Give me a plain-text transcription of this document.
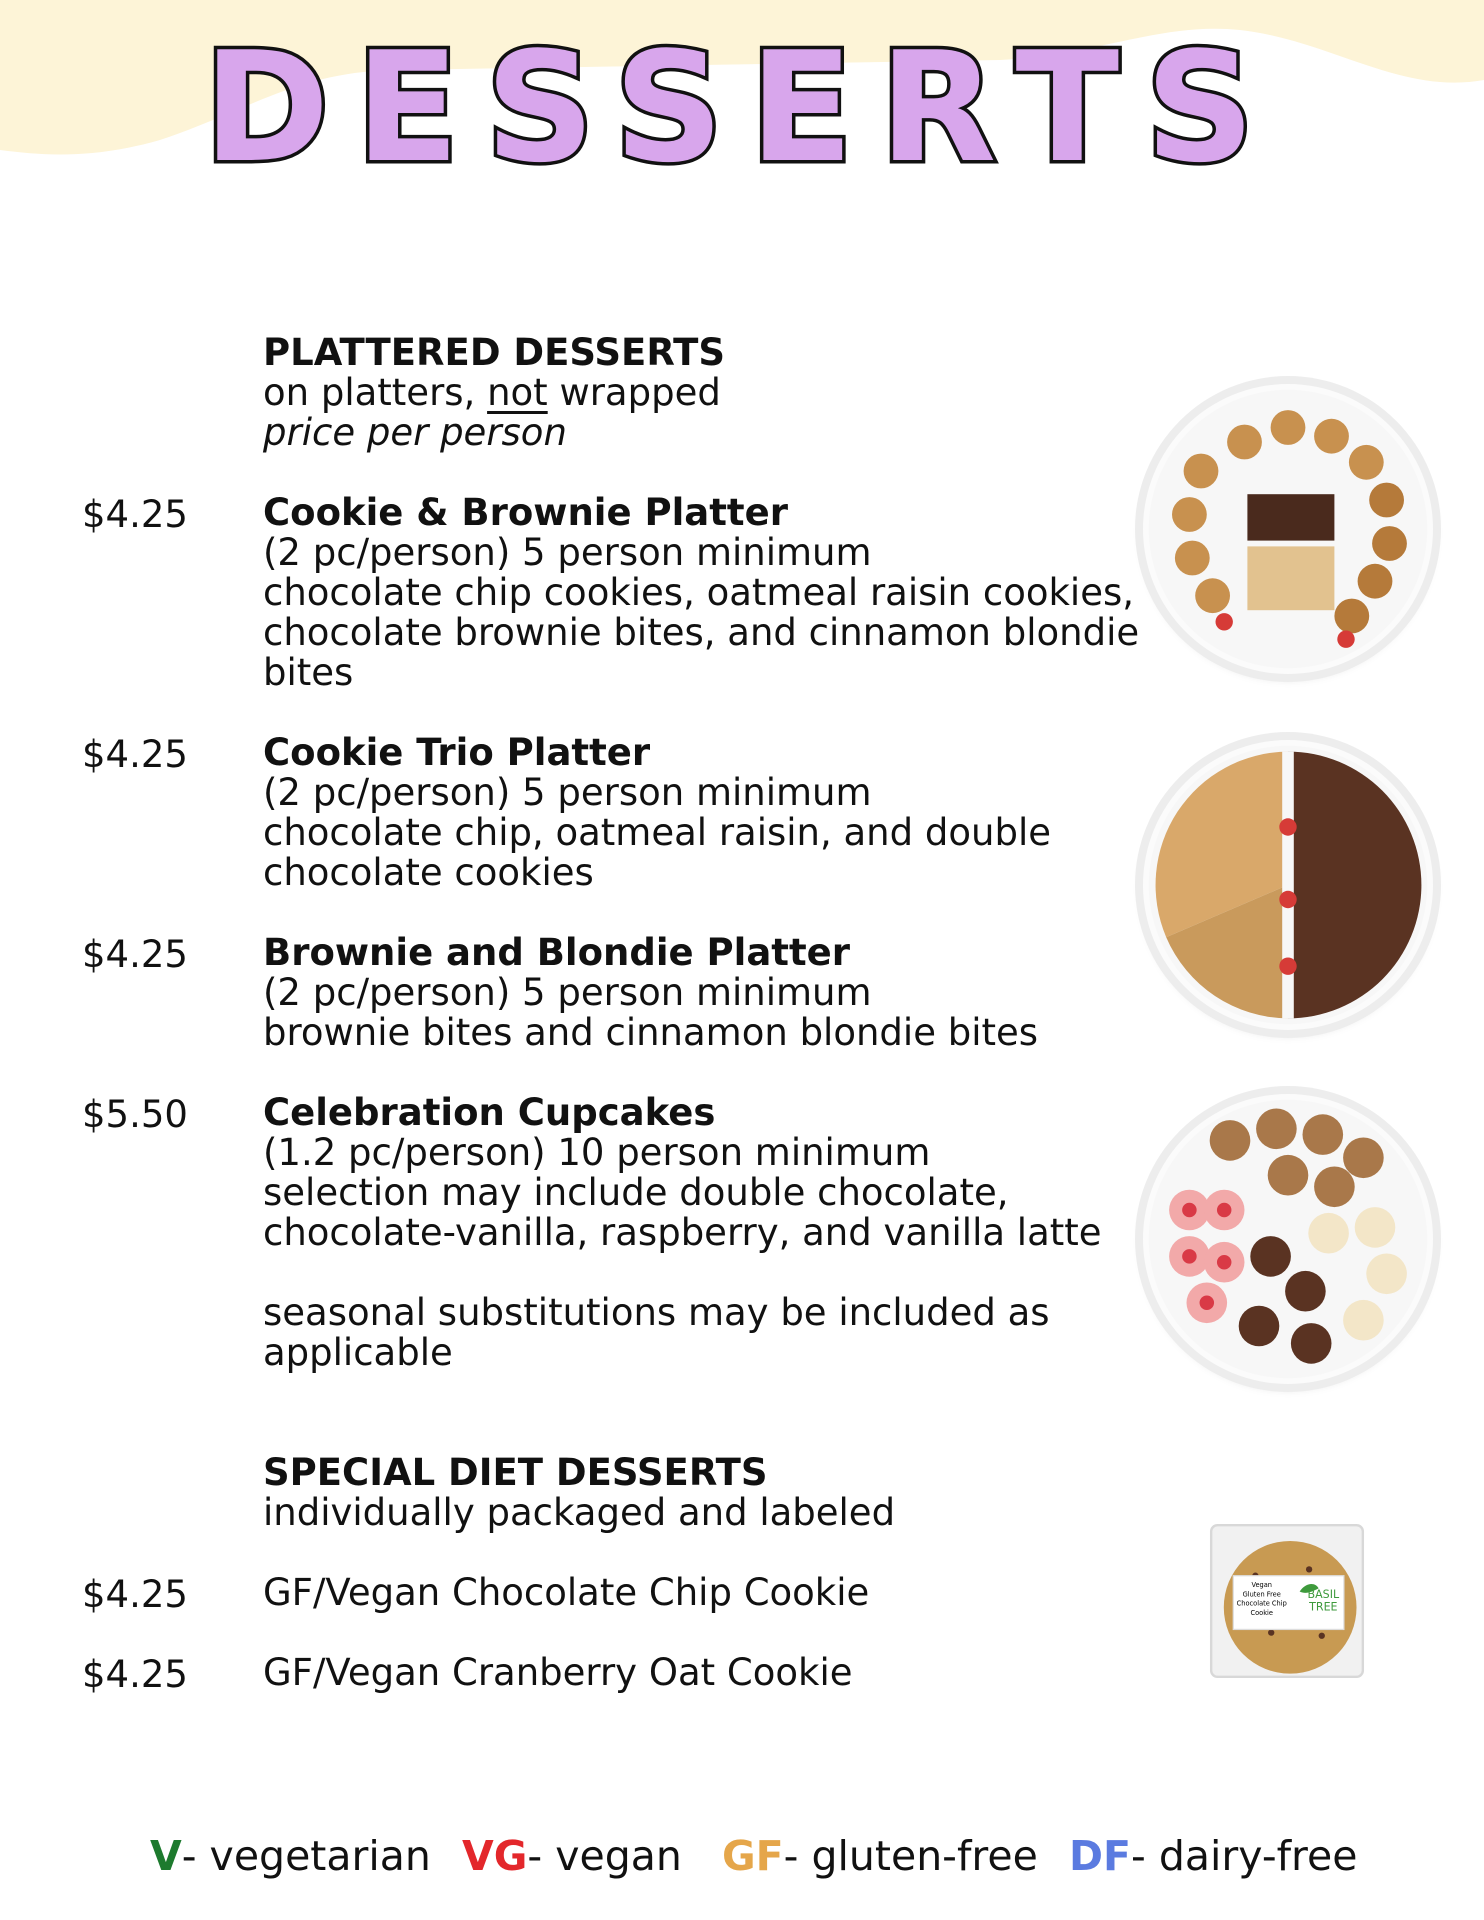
DESSERTS
PLATTERED DESSERTS
on platters, not wrapped
price per person
$4.25 Cookie & Brownie Platter
(2 pc/person) 5 person minimum
chocolate chip cookies, oatmeal raisin cookies,
chocolate brownie bites, and cinnamon blondie
bites
$4.25 Cookie Trio Platter
(2 pc/person) 5 person minimum
chocolate chip, oatmeal raisin, and double
chocolate cookies
$4.25 Brownie and Blondie Platter
(2 pc/person) 5 person minimum
brownie bites and cinnamon blondie bites
$5.50 Celebration Cupcakes
(1.2 pc/person) 10 person minimum
selection may include double chocolate,
chocolate-vanilla, raspberry, and vanilla latte
seasonal substitutions may be included as
applicable
SPECIAL DIET DESSERTS
individually packaged and labeled
$4.25 GF/Vegan Chocolate Chip Cookie
$4.25 GF/Vegan Cranberry Oat Cookie
Vegan
Gluten Free
Chocolate Chip
Cookie
BASIL
TREE
V- vegetarian VG- vegan GF- gluten-free DF- dairy-free
